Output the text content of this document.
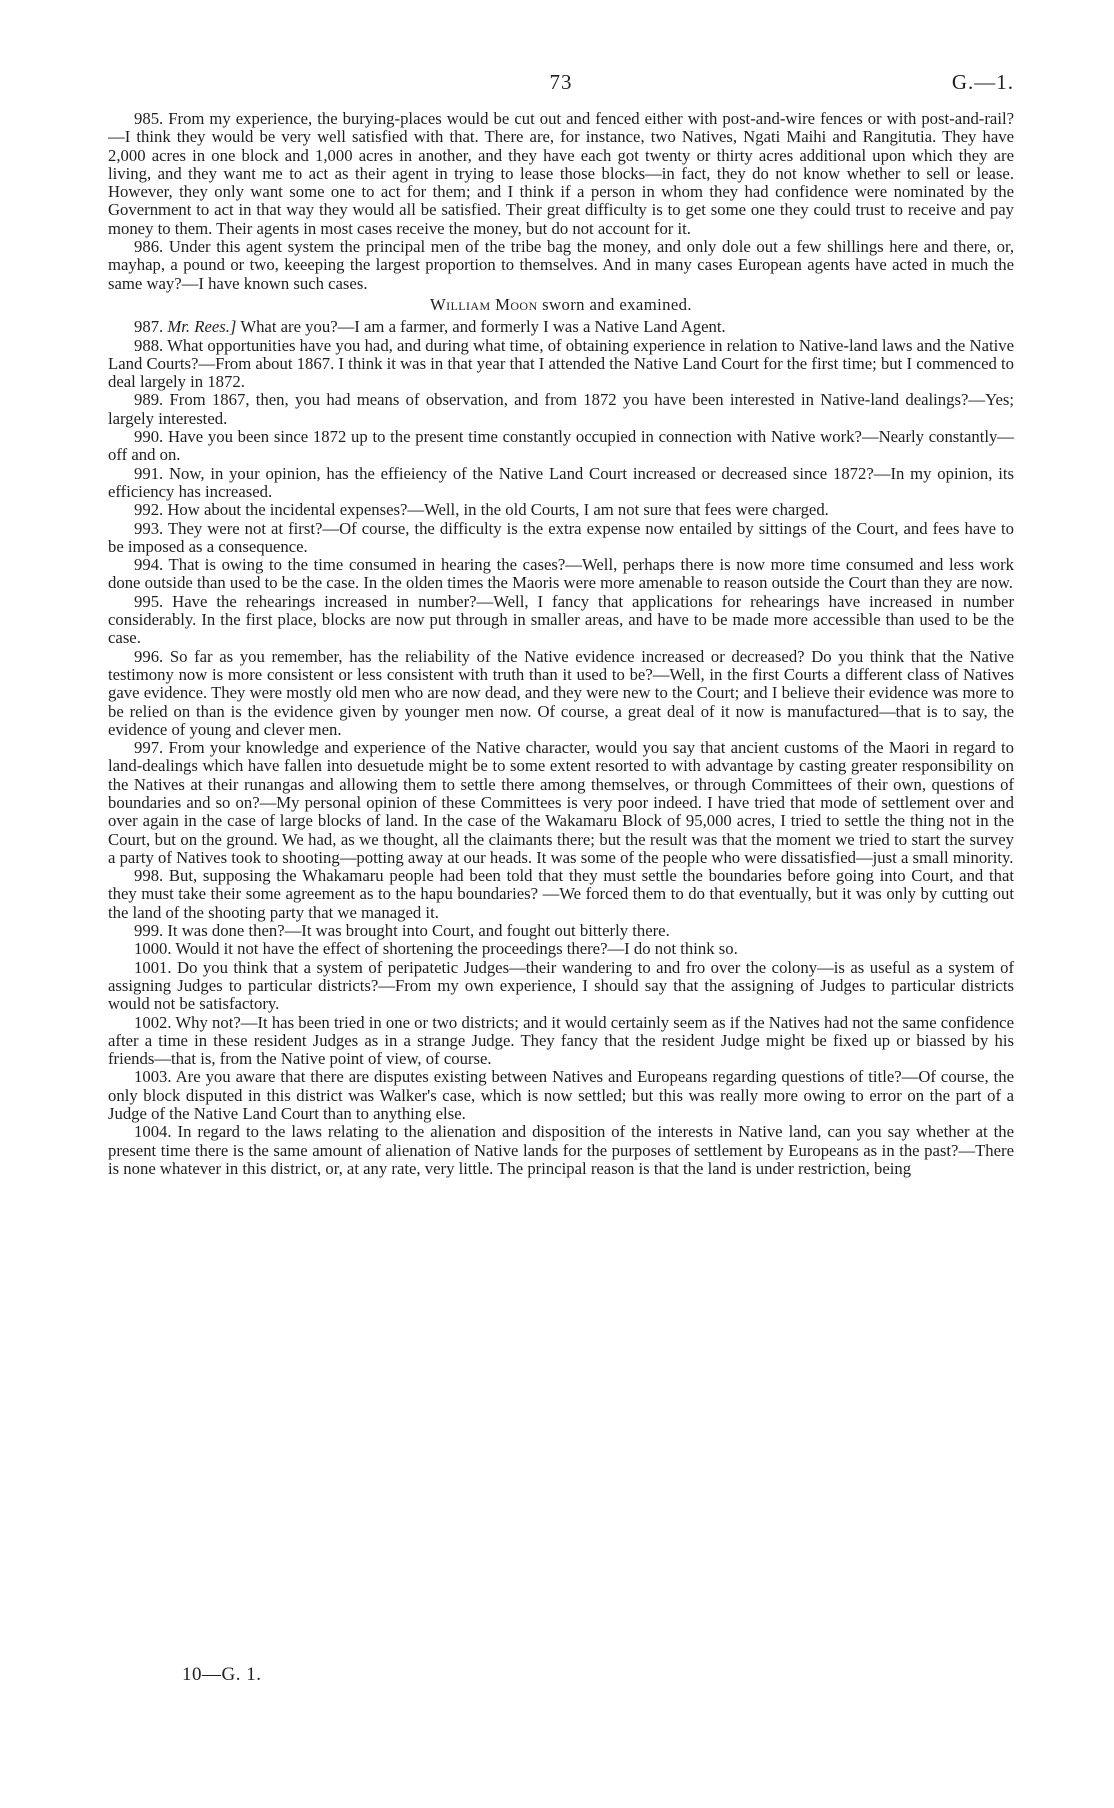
73	G.—1.

985. From my experience, the burying-places would be cut out and fenced either with post-and-wire fences or with post-and-rail?—I think they would be very well satisfied with that. There are, for instance, two Natives, Ngati Maihi and Rangitutia. They have 2,000 acres in one block and 1,000 acres in another, and they have each got twenty or thirty acres additional upon which they are living, and they want me to act as their agent in trying to lease those blocks—in fact, they do not know whether to sell or lease. However, they only want some one to act for them; and I think if a person in whom they had confidence were nominated by the Government to act in that way they would all be satisfied. Their great difficulty is to get some one they could trust to receive and pay money to them. Their agents in most cases receive the money, but do not account for it.

986. Under this agent system the principal men of the tribe bag the money, and only dole out a few shillings here and there, or, mayhap, a pound or two, keeeping the largest proportion to themselves. And in many cases European agents have acted in much the same way?—I have known such cases.

William Moon sworn and examined.

987. Mr. Rees.] What are you?—I am a farmer, and formerly I was a Native Land Agent.

988. What opportunities have you had, and during what time, of obtaining experience in relation to Native-land laws and the Native Land Courts?—From about 1867. I think it was in that year that I attended the Native Land Court for the first time; but I commenced to deal largely in 1872.

989. From 1867, then, you had means of observation, and from 1872 you have been interested in Native-land dealings?—Yes; largely interested.

990. Have you been since 1872 up to the present time constantly occupied in connection with Native work?—Nearly constantly—off and on.

991. Now, in your opinion, has the effieiency of the Native Land Court increased or decreased since 1872?—In my opinion, its efficiency has increased.

992. How about the incidental expenses?—Well, in the old Courts, I am not sure that fees were charged.

993. They were not at first?—Of course, the difficulty is the extra expense now entailed by sittings of the Court, and fees have to be imposed as a consequence.

994. That is owing to the time consumed in hearing the cases?—Well, perhaps there is now more time consumed and less work done outside than used to be the case. In the olden times the Maoris were more amenable to reason outside the Court than they are now.

995. Have the rehearings increased in number?—Well, I fancy that applications for rehearings have increased in number considerably. In the first place, blocks are now put through in smaller areas, and have to be made more accessible than used to be the case.

996. So far as you remember, has the reliability of the Native evidence increased or decreased? Do you think that the Native testimony now is more consistent or less consistent with truth than it used to be?—Well, in the first Courts a different class of Natives gave evidence. They were mostly old men who are now dead, and they were new to the Court; and I believe their evidence was more to be relied on than is the evidence given by younger men now. Of course, a great deal of it now is manufactured—that is to say, the evidence of young and clever men.

997. From your knowledge and experience of the Native character, would you say that ancient customs of the Maori in regard to land-dealings which have fallen into desuetude might be to some extent resorted to with advantage by casting greater responsibility on the Natives at their runangas and allowing them to settle there among themselves, or through Committees of their own, questions of boundaries and so on?—My personal opinion of these Committees is very poor indeed. I have tried that mode of settlement over and over again in the case of large blocks of land. In the case of the Wakamaru Block of 95,000 acres, I tried to settle the thing not in the Court, but on the ground. We had, as we thought, all the claimants there; but the result was that the moment we tried to start the survey a party of Natives took to shooting—potting away at our heads. It was some of the people who were dissatisfied—just a small minority.

998. But, supposing the Whakamaru people had been told that they must settle the boundaries before going into Court, and that they must take their some agreement as to the hapu boundaries? —We forced them to do that eventually, but it was only by cutting out the land of the shooting party that we managed it.

999. It was done then?—It was brought into Court, and fought out bitterly there.

1000. Would it not have the effect of shortening the proceedings there?—I do not think so.

1001. Do you think that a system of peripatetic Judges—their wandering to and fro over the colony—is as useful as a system of assigning Judges to particular districts?—From my own experience, I should say that the assigning of Judges to particular districts would not be satisfactory.

1002. Why not?—It has been tried in one or two districts; and it would certainly seem as if the Natives had not the same confidence after a time in these resident Judges as in a strange Judge. They fancy that the resident Judge might be fixed up or biassed by his friends—that is, from the Native point of view, of course.

1003. Are you aware that there are disputes existing between Natives and Europeans regarding questions of title?—Of course, the only block disputed in this district was Walker's case, which is now settled; but this was really more owing to error on the part of a Judge of the Native Land Court than to anything else.

1004. In regard to the laws relating to the alienation and disposition of the interests in Native land, can you say whether at the present time there is the same amount of alienation of Native lands for the purposes of settlement by Europeans as in the past?—There is none whatever in this district, or, at any rate, very little. The principal reason is that the land is under restriction, being

10—G. 1.
